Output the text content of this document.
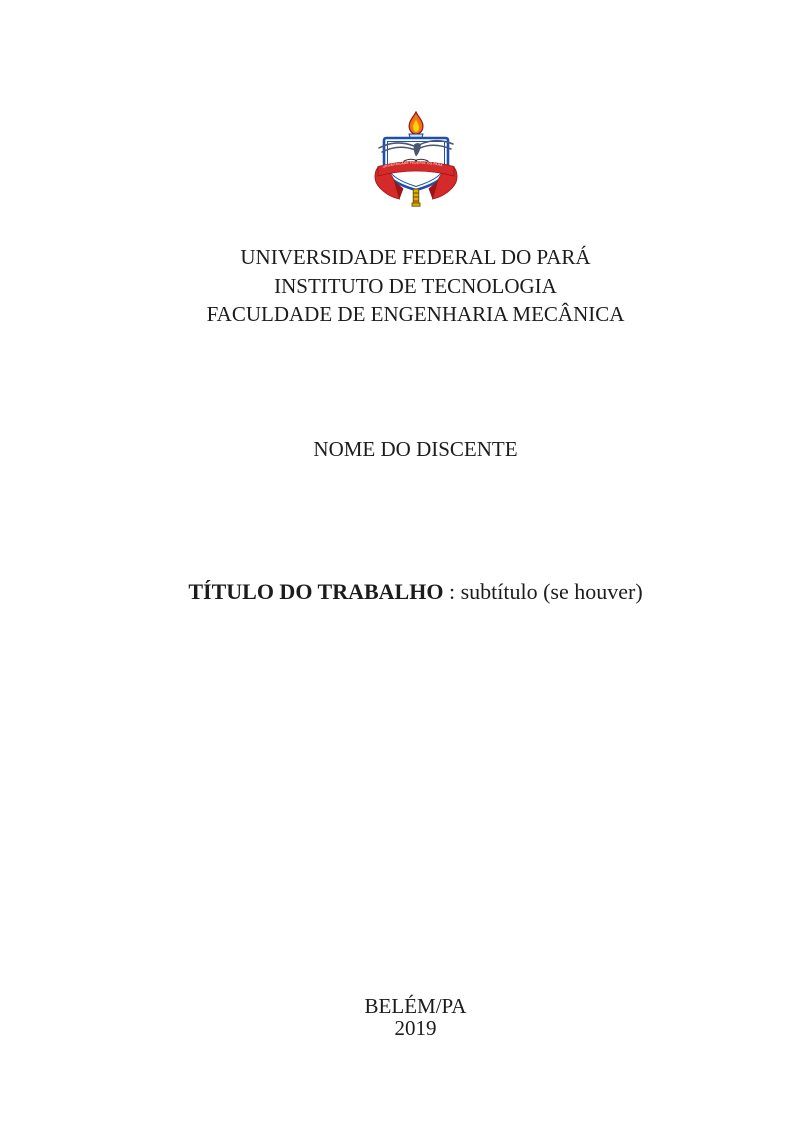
UNIVERSIDADE FEDERAL DO PARÁ
UNIVERSIDADE FEDERAL DO PARÁ
INSTITUTO DE TECNOLOGIA
FACULDADE DE ENGENHARIA MECÂNICA
NOME DO DISCENTE
TÍTULO DO TRABALHO : subtítulo (se houver)
BELÉM/PA
2019
